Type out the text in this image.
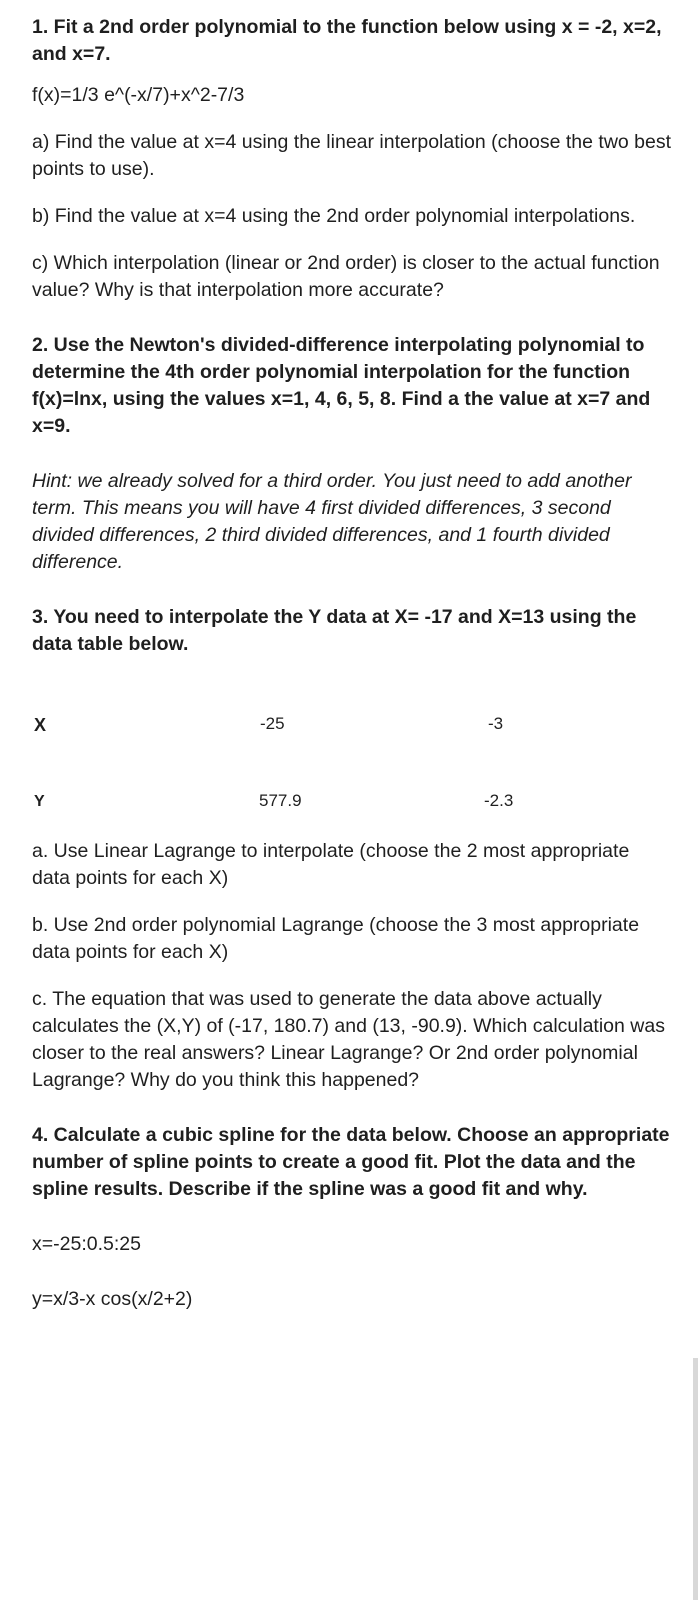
1. Fit a 2nd order polynomial to the function below using x = -2, x=2, and x=7.

f(x)=1/3 e^(-x/7)+x^2-7/3

a) Find the value at x=4 using the linear interpolation (choose the two best points to use).

b) Find the value at x=4 using the 2nd order polynomial interpolations.

c) Which interpolation (linear or 2nd order) is closer to the actual function value? Why is that interpolation more accurate?

2. Use the Newton's divided-difference interpolating polynomial to determine the 4th order polynomial interpolation for the function f(x)=lnx, using the values x=1, 4, 6, 5, 8. Find a the value at x=7 and x=9.

Hint: we already solved for a third order. You just need to add another term. This means you will have 4 first divided differences, 3 second divided differences, 2 third divided differences, and 1 fourth divided difference.

3. You need to interpolate the Y data at X= -17 and X=13 using the data table below.

X	-25	-3
Y	577.9	-2.3

a. Use Linear Lagrange to interpolate (choose the 2 most appropriate data points for each X)

b. Use 2nd order polynomial Lagrange (choose the 3 most appropriate data points for each X)

c. The equation that was used to generate the data above actually calculates the (X,Y) of (-17, 180.7) and (13, -90.9). Which calculation was closer to the real answers? Linear Lagrange? Or 2nd order polynomial Lagrange? Why do you think this happened?

4. Calculate a cubic spline for the data below. Choose an appropriate number of spline points to create a good fit. Plot the data and the spline results. Describe if the spline was a good fit and why.

x=-25:0.5:25

y=x/3-x cos(x/2+2)
